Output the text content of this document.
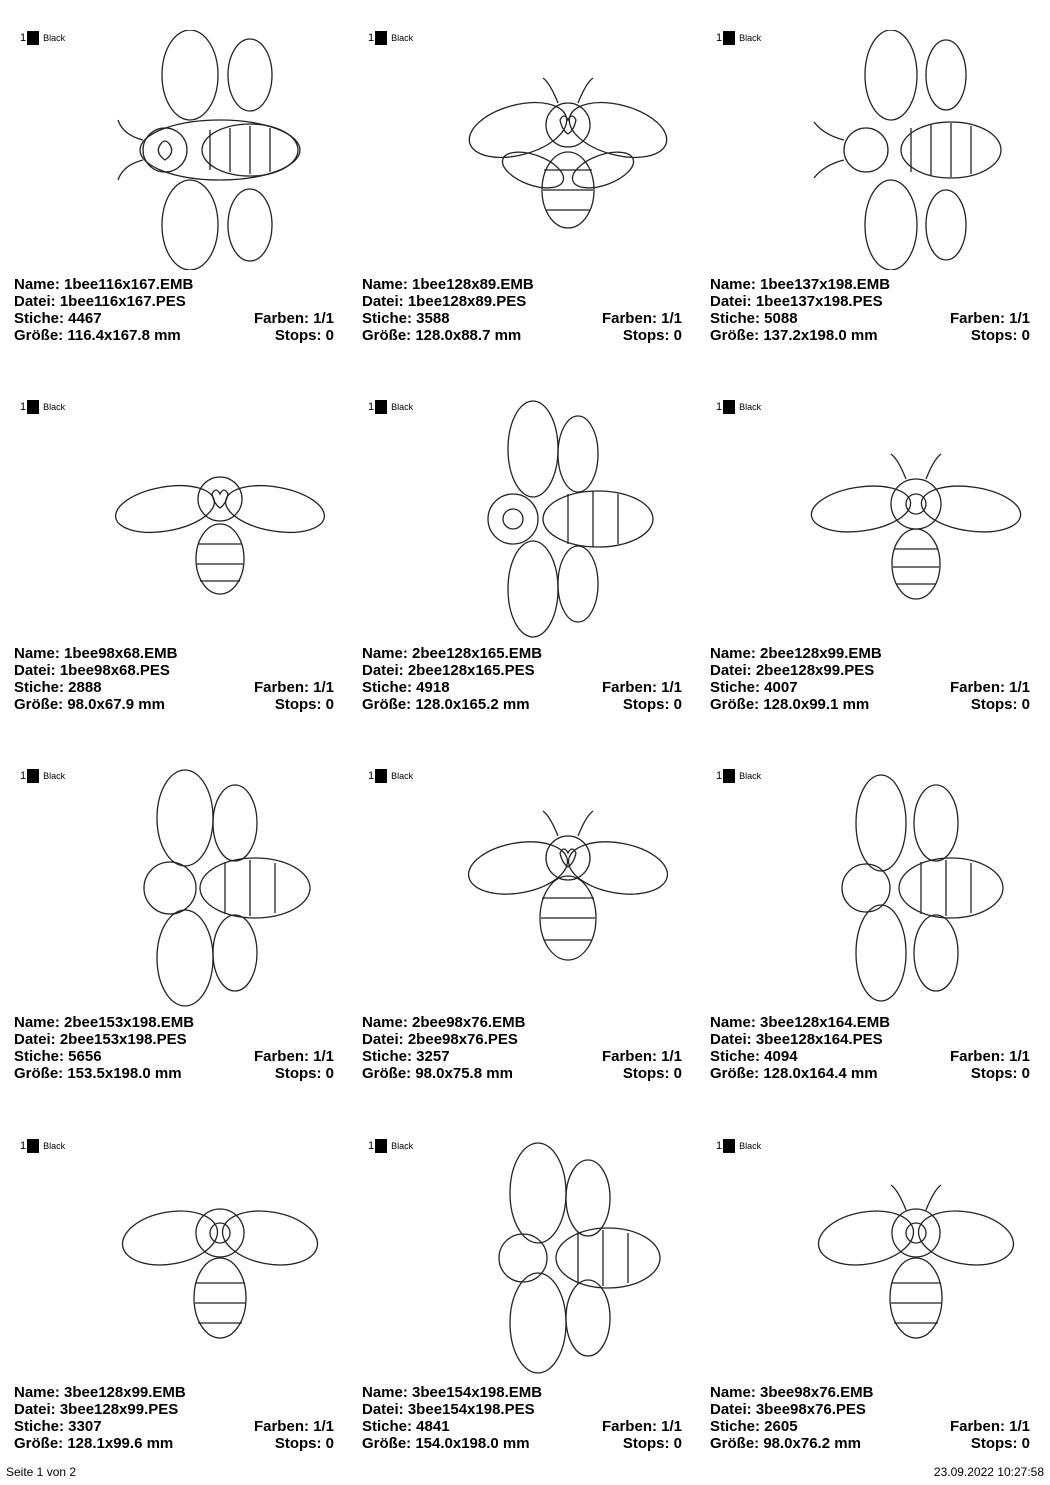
1 Black
Name: 1bee116x167.EMB
Datei: 1bee116x167.PES
Stiche: 4467	Farben: 1/1
Größe: 116.4x167.8 mm	Stops: 0
1 Black
Name: 1bee128x89.EMB
Datei: 1bee128x89.PES
Stiche: 3588	Farben: 1/1
Größe: 128.0x88.7 mm	Stops: 0
1 Black
Name: 1bee137x198.EMB
Datei: 1bee137x198.PES
Stiche: 5088	Farben: 1/1
Größe: 137.2x198.0 mm	Stops: 0
1 Black
Name: 1bee98x68.EMB
Datei: 1bee98x68.PES
Stiche: 2888	Farben: 1/1
Größe: 98.0x67.9 mm	Stops: 0
1 Black
Name: 2bee128x165.EMB
Datei: 2bee128x165.PES
Stiche: 4918	Farben: 1/1
Größe: 128.0x165.2 mm	Stops: 0
1 Black
Name: 2bee128x99.EMB
Datei: 2bee128x99.PES
Stiche: 4007	Farben: 1/1
Größe: 128.0x99.1 mm	Stops: 0
1 Black
Name: 2bee153x198.EMB
Datei: 2bee153x198.PES
Stiche: 5656	Farben: 1/1
Größe: 153.5x198.0 mm	Stops: 0
1 Black
Name: 2bee98x76.EMB
Datei: 2bee98x76.PES
Stiche: 3257	Farben: 1/1
Größe: 98.0x75.8 mm	Stops: 0
1 Black
Name: 3bee128x164.EMB
Datei: 3bee128x164.PES
Stiche: 4094	Farben: 1/1
Größe: 128.0x164.4 mm	Stops: 0
1 Black
Name: 3bee128x99.EMB
Datei: 3bee128x99.PES
Stiche: 3307	Farben: 1/1
Größe: 128.1x99.6 mm	Stops: 0
1 Black
Name: 3bee154x198.EMB
Datei: 3bee154x198.PES
Stiche: 4841	Farben: 1/1
Größe: 154.0x198.0 mm	Stops: 0
1 Black
Name: 3bee98x76.EMB
Datei: 3bee98x76.PES
Stiche: 2605	Farben: 1/1
Größe: 98.0x76.2 mm	Stops: 0
Seite 1 von 2	23.09.2022 10:27:58
